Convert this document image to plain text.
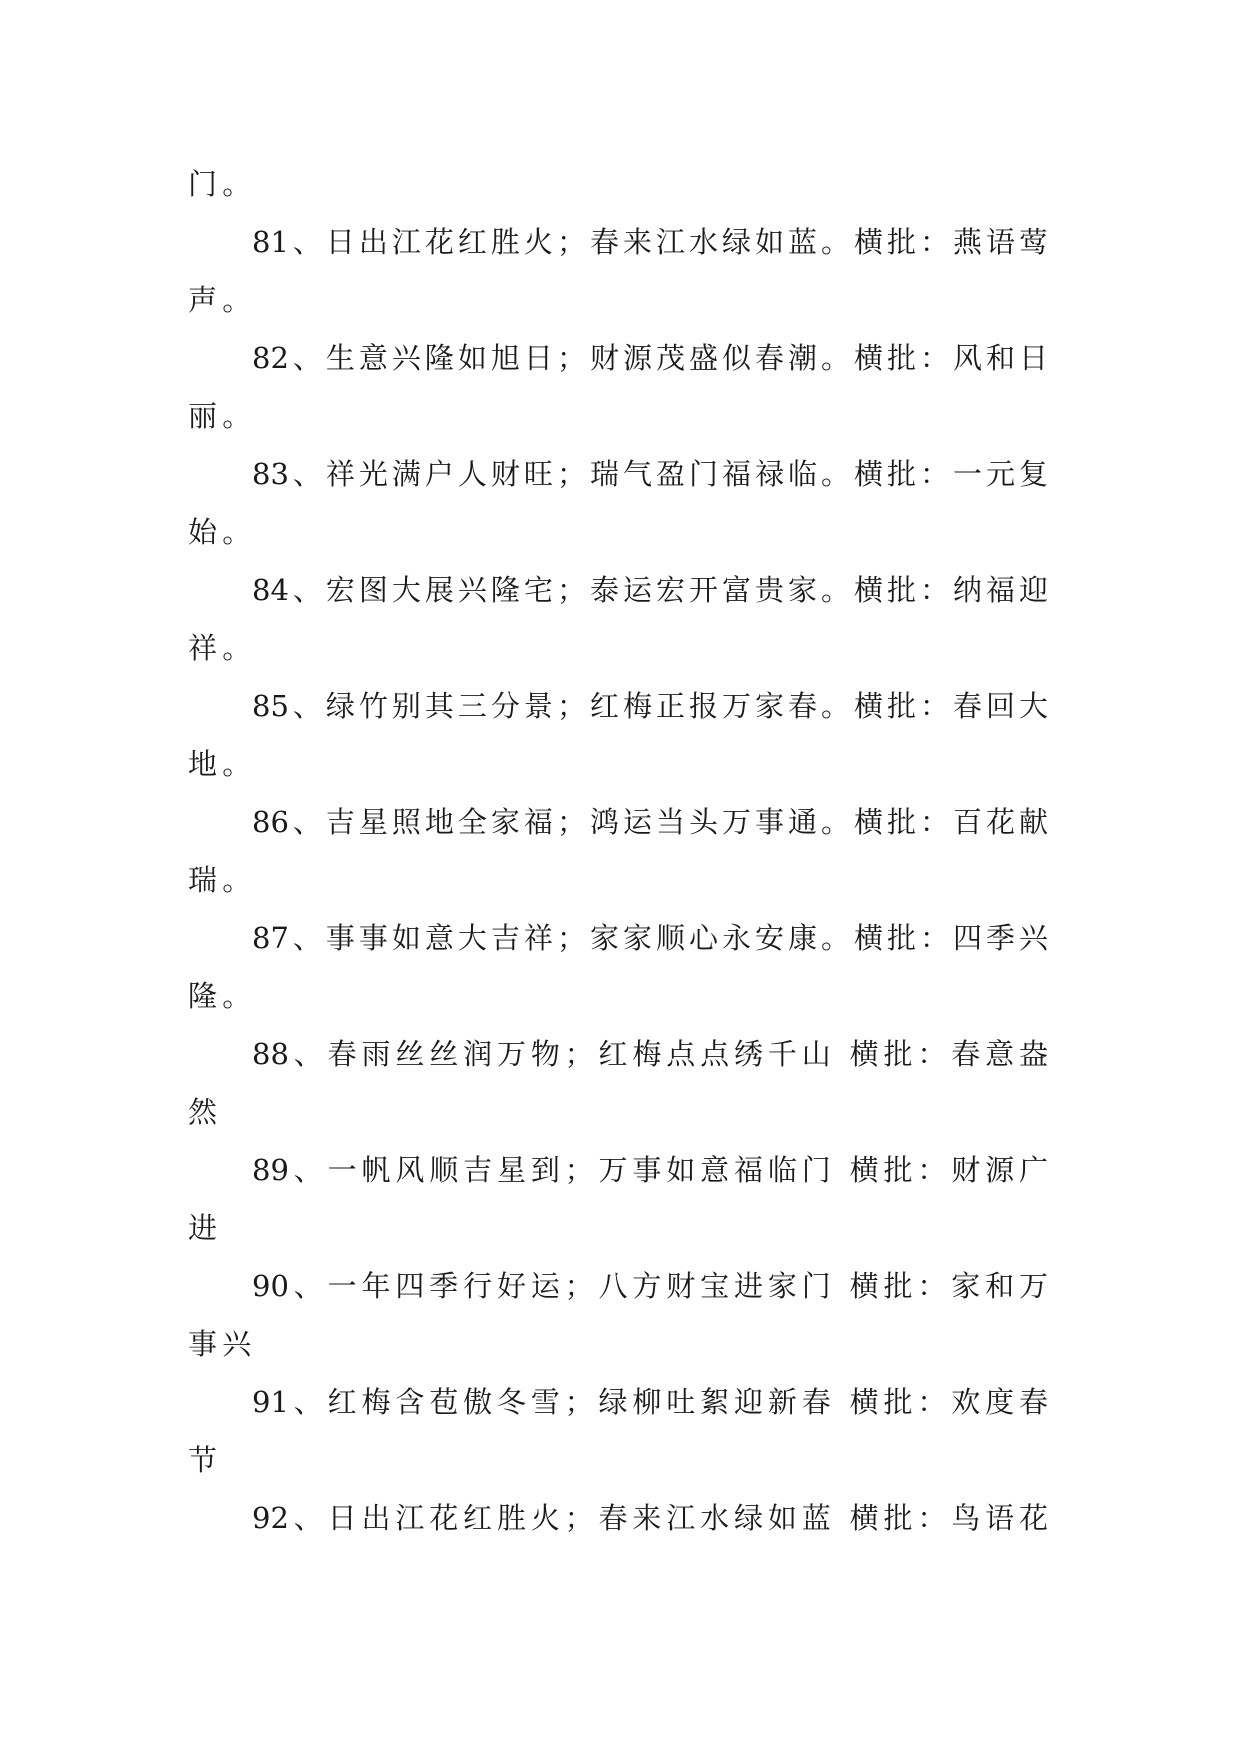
门。
81、日出江花红胜火；春来江水绿如蓝。横批：燕语莺
声。
82、生意兴隆如旭日；财源茂盛似春潮。横批：风和日
丽。
83、祥光满户人财旺；瑞气盈门福禄临。横批：一元复
始。
84、宏图大展兴隆宅；泰运宏开富贵家。横批：纳福迎
祥。
85、绿竹别其三分景；红梅正报万家春。横批：春回大
地。
86、吉星照地全家福；鸿运当头万事通。横批：百花献
瑞。
87、事事如意大吉祥；家家顺心永安康。横批：四季兴
隆。
88、春雨丝丝润万物；红梅点点绣千山 横批：春意盎
然
89、一帆风顺吉星到；万事如意福临门 横批：财源广
进
90、一年四季行好运；八方财宝进家门 横批：家和万
事兴
91、红梅含苞傲冬雪；绿柳吐絮迎新春 横批：欢度春
节
92、日出江花红胜火；春来江水绿如蓝 横批：鸟语花
